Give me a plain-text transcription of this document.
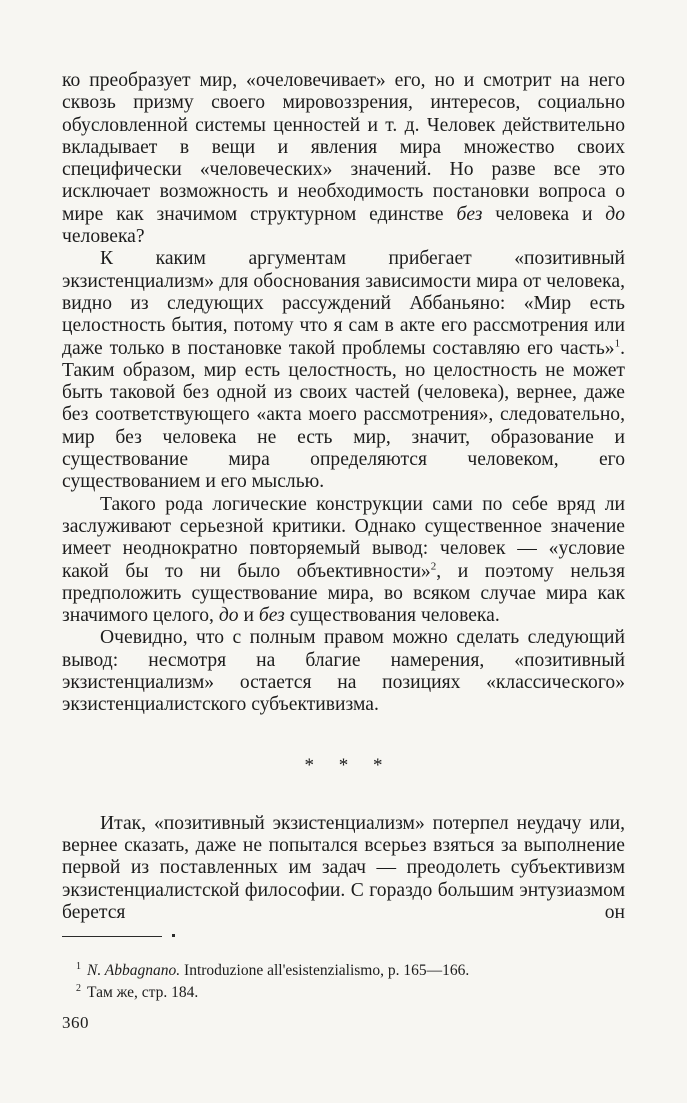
ко преобразует мир, «очеловечивает» его, но и смотрит на него сквозь призму своего мировоззрения, интересов, социально обусловленной системы ценностей и т. д. Человек действительно вкладывает в вещи и явления мира множество своих специфически «человеческих» значений. Но разве все это исключает возможность и необходимость постановки вопроса о мире как значимом структурном единстве без человека и до человека?

К каким аргументам прибегает «позитивный экзистенциализм» для обоснования зависимости мира от человека, видно из следующих рассуждений Аббаньяно: «Мир есть целостность бытия, потому что я сам в акте его рассмотрения или даже только в постановке такой проблемы составляю его часть»$^1$. Таким образом, мир есть целостность, но целостность не может быть таковой без одной из своих частей (человека), вернее, даже без соответствующего «акта моего рассмотрения», следовательно, мир без человека не есть мир, значит, образование и существование мира определяются человеком, его существованием и его мыслью.

Такого рода логические конструкции сами по себе вряд ли заслуживают серьезной критики. Однако существенное значение имеет неоднократно повторяемый вывод: человек — «условие какой бы то ни было объективности»$^2$, и поэтому нельзя предположить существование мира, во всяком случае мира как значимого целого, до и без существования человека.

Очевидно, что с полным правом можно сделать следующий вывод: несмотря на благие намерения, «позитивный экзистенциализм» остается на позициях «классического» экзистенциалистского субъективизма.

* * *

Итак, «позитивный экзистенциализм» потерпел неудачу или, вернее сказать, даже не попытался всерьез взяться за выполнение первой из поставленных им задач — преодолеть субъективизм экзистенциалистской философии. С гораздо большим энтузиазмом берется он

$^1$ N. Abbagnano. Introduzione all'esistenzialismo, p. 165—166.

$^2$ Там же, стр. 184.

360
